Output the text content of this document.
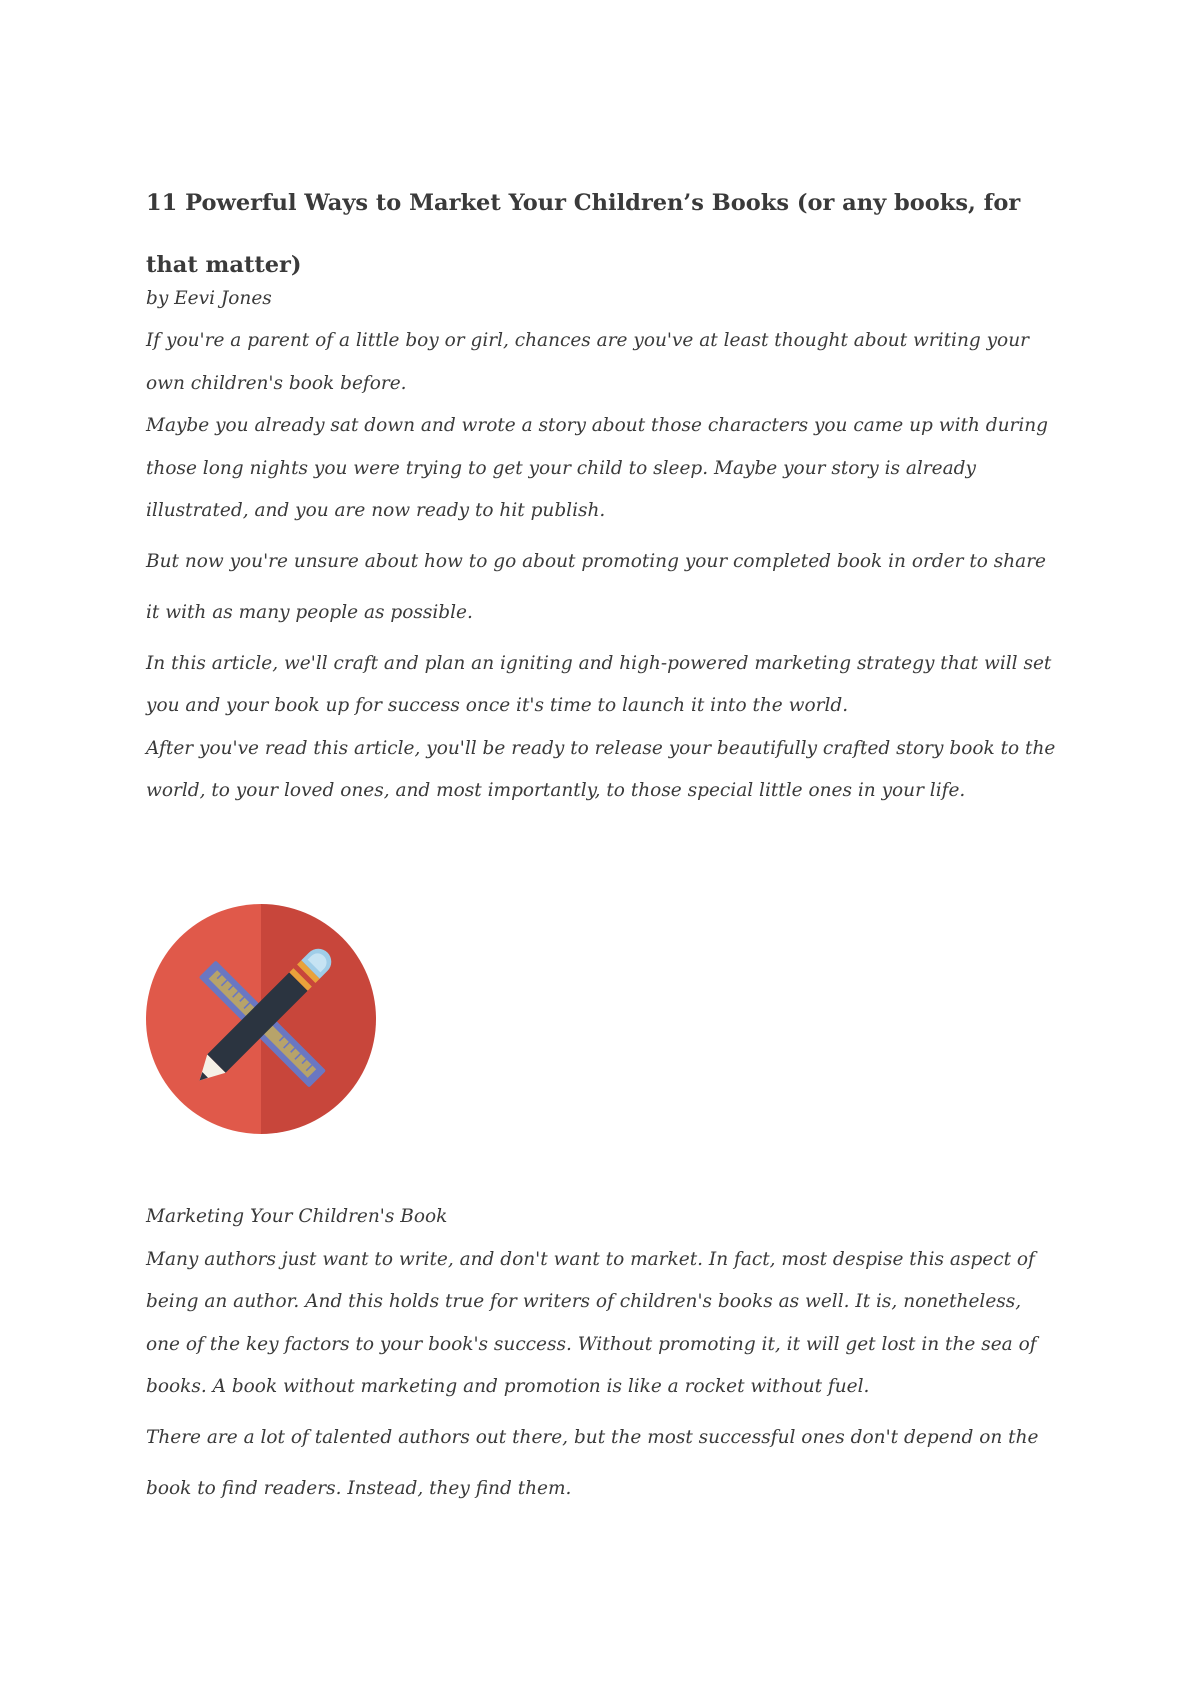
11 Powerful Ways to Market Your Children’s Books (or any books, for that matter)

by Eevi Jones

If you're a parent of a little boy or girl, chances are you've at least thought about writing your own children's book before.

Maybe you already sat down and wrote a story about those characters you came up with during those long nights you were trying to get your child to sleep. Maybe your story is already illustrated, and you are now ready to hit publish.

But now you're unsure about how to go about promoting your completed book in order to share it with as many people as possible.

In this article, we'll craft and plan an igniting and high-powered marketing strategy that will set you and your book up for success once it's time to launch it into the world.

After you've read this article, you'll be ready to release your beautifully crafted story book to the world, to your loved ones, and most importantly, to those special little ones in your life.

Marketing Your Children's Book

Many authors just want to write, and don't want to market. In fact, most despise this aspect of being an author. And this holds true for writers of children's books as well. It is, nonetheless, one of the key factors to your book's success. Without promoting it, it will get lost in the sea of books. A book without marketing and promotion is like a rocket without fuel.

There are a lot of talented authors out there, but the most successful ones don't depend on the book to find readers. Instead, they find them.
